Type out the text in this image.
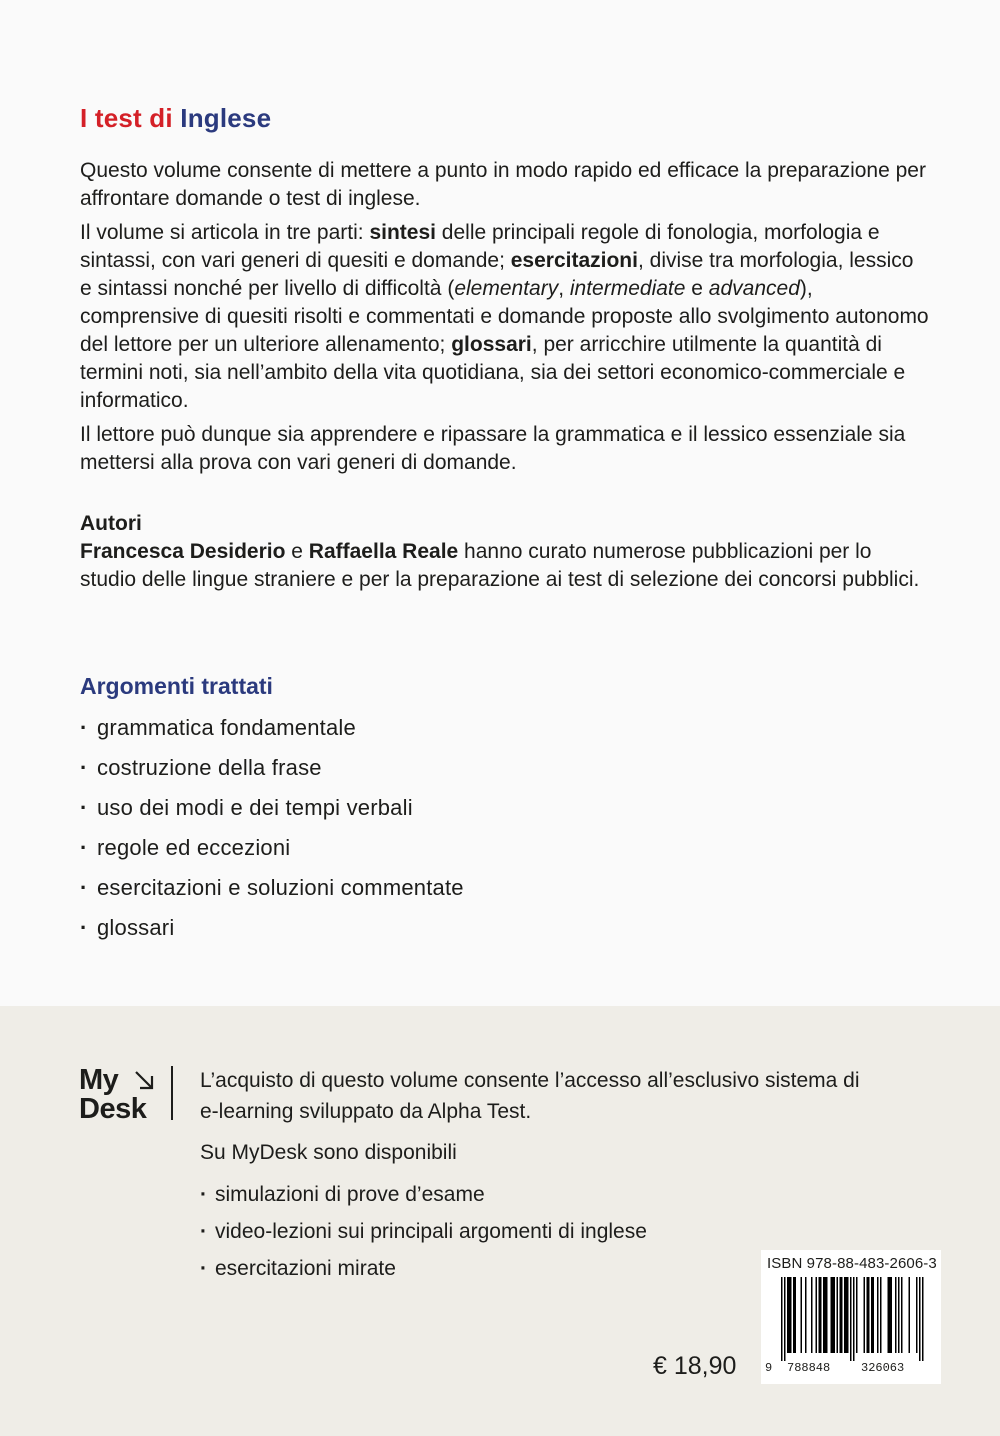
I test di Inglese

Questo volume consente di mettere a punto in modo rapido ed efficace la preparazione per affrontare domande o test di inglese.

Il volume si articola in tre parti: sintesi delle principali regole di fonologia, morfologia e sintassi, con vari generi di quesiti e domande; esercitazioni, divise tra morfologia, lessico e sintassi nonché per livello di difficoltà (elementary, intermediate e advanced), comprensive di quesiti risolti e commentati e domande proposte allo svolgimento autonomo del lettore per un ulteriore allenamento; glossari, per arricchire utilmente la quantità di termini noti, sia nell’ambito della vita quotidiana, sia dei settori economico-commerciale e informatico.

Il lettore può dunque sia apprendere e ripassare la grammatica e il lessico essenziale sia mettersi alla prova con vari generi di domande.

Autori
Francesca Desiderio e Raffaella Reale hanno curato numerose pubblicazioni per lo studio delle lingue straniere e per la preparazione ai test di selezione dei concorsi pubblici.
Argomenti trattati
· grammatica fondamentale
· costruzione della frase
· uso dei modi e dei tempi verbali
· regole ed eccezioni
· esercitazioni e soluzioni commentate
· glossari
My
Desk

L’acquisto di questo volume consente l’accesso all’esclusivo sistema di e-learning sviluppato da Alpha Test.

Su MyDesk sono disponibili

· simulazioni di prove d’esame
· video-lezioni sui principali argomenti di inglese
· esercitazioni mirate
€ 18,90
ISBN 978-88-483-2606-3
9 788848	326063
